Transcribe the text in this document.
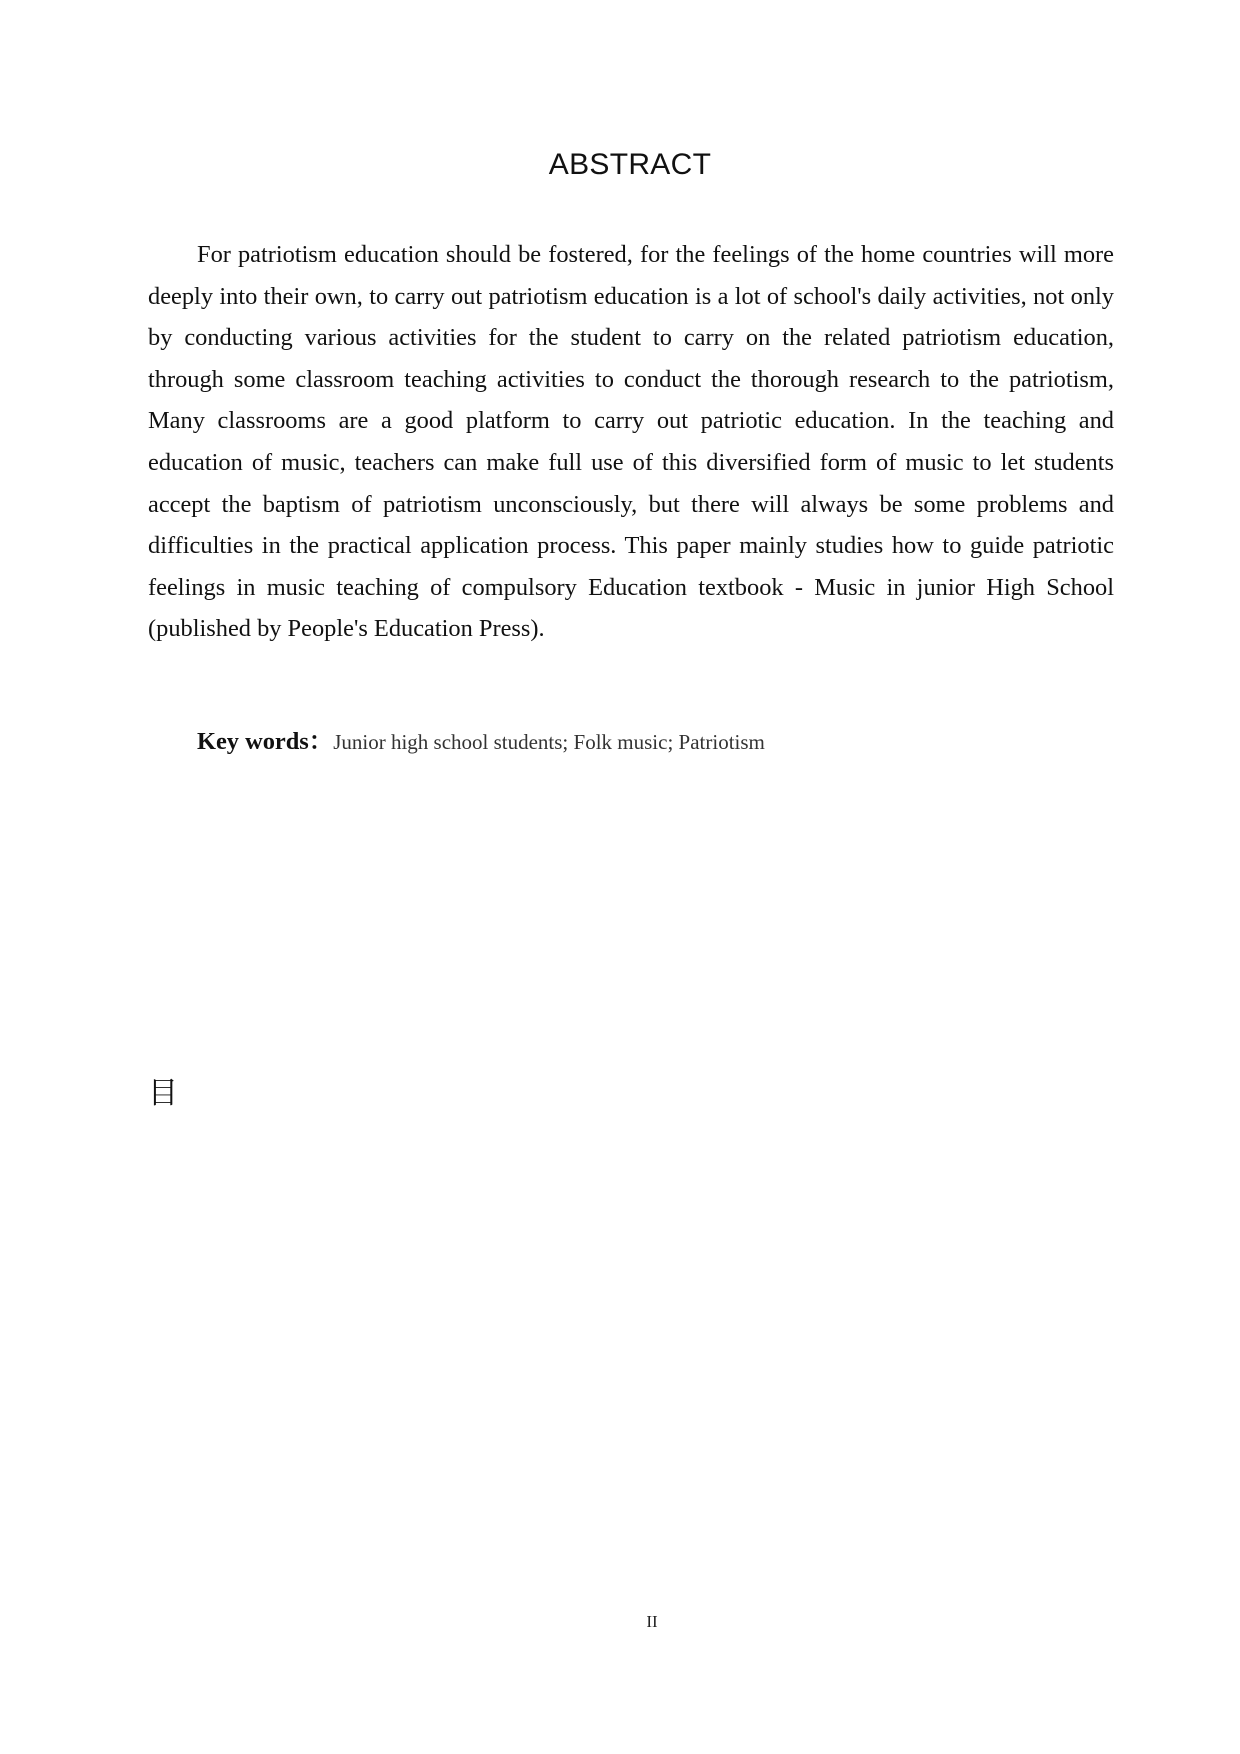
ABSTRACT

For patriotism education should be fostered, for the feelings of the home countries will more deeply into their own, to carry out patriotism education is a lot of school's daily activities, not only by conducting various activities for the student to carry on the related patriotism education, through some classroom teaching activities to conduct the thorough research to the patriotism, Many classrooms are a good platform to carry out patriotic education. In the teaching and education of music, teachers can make full use of this diversified form of music to let students accept the baptism of patriotism unconsciously, but there will always be some problems and difficulties in the practical application process. This paper mainly studies how to guide patriotic feelings in music teaching of compulsory Education textbook - Music in junior High School (published by People's Education Press).

Key words：Junior high school students; Folk music; Patriotism
目
II
